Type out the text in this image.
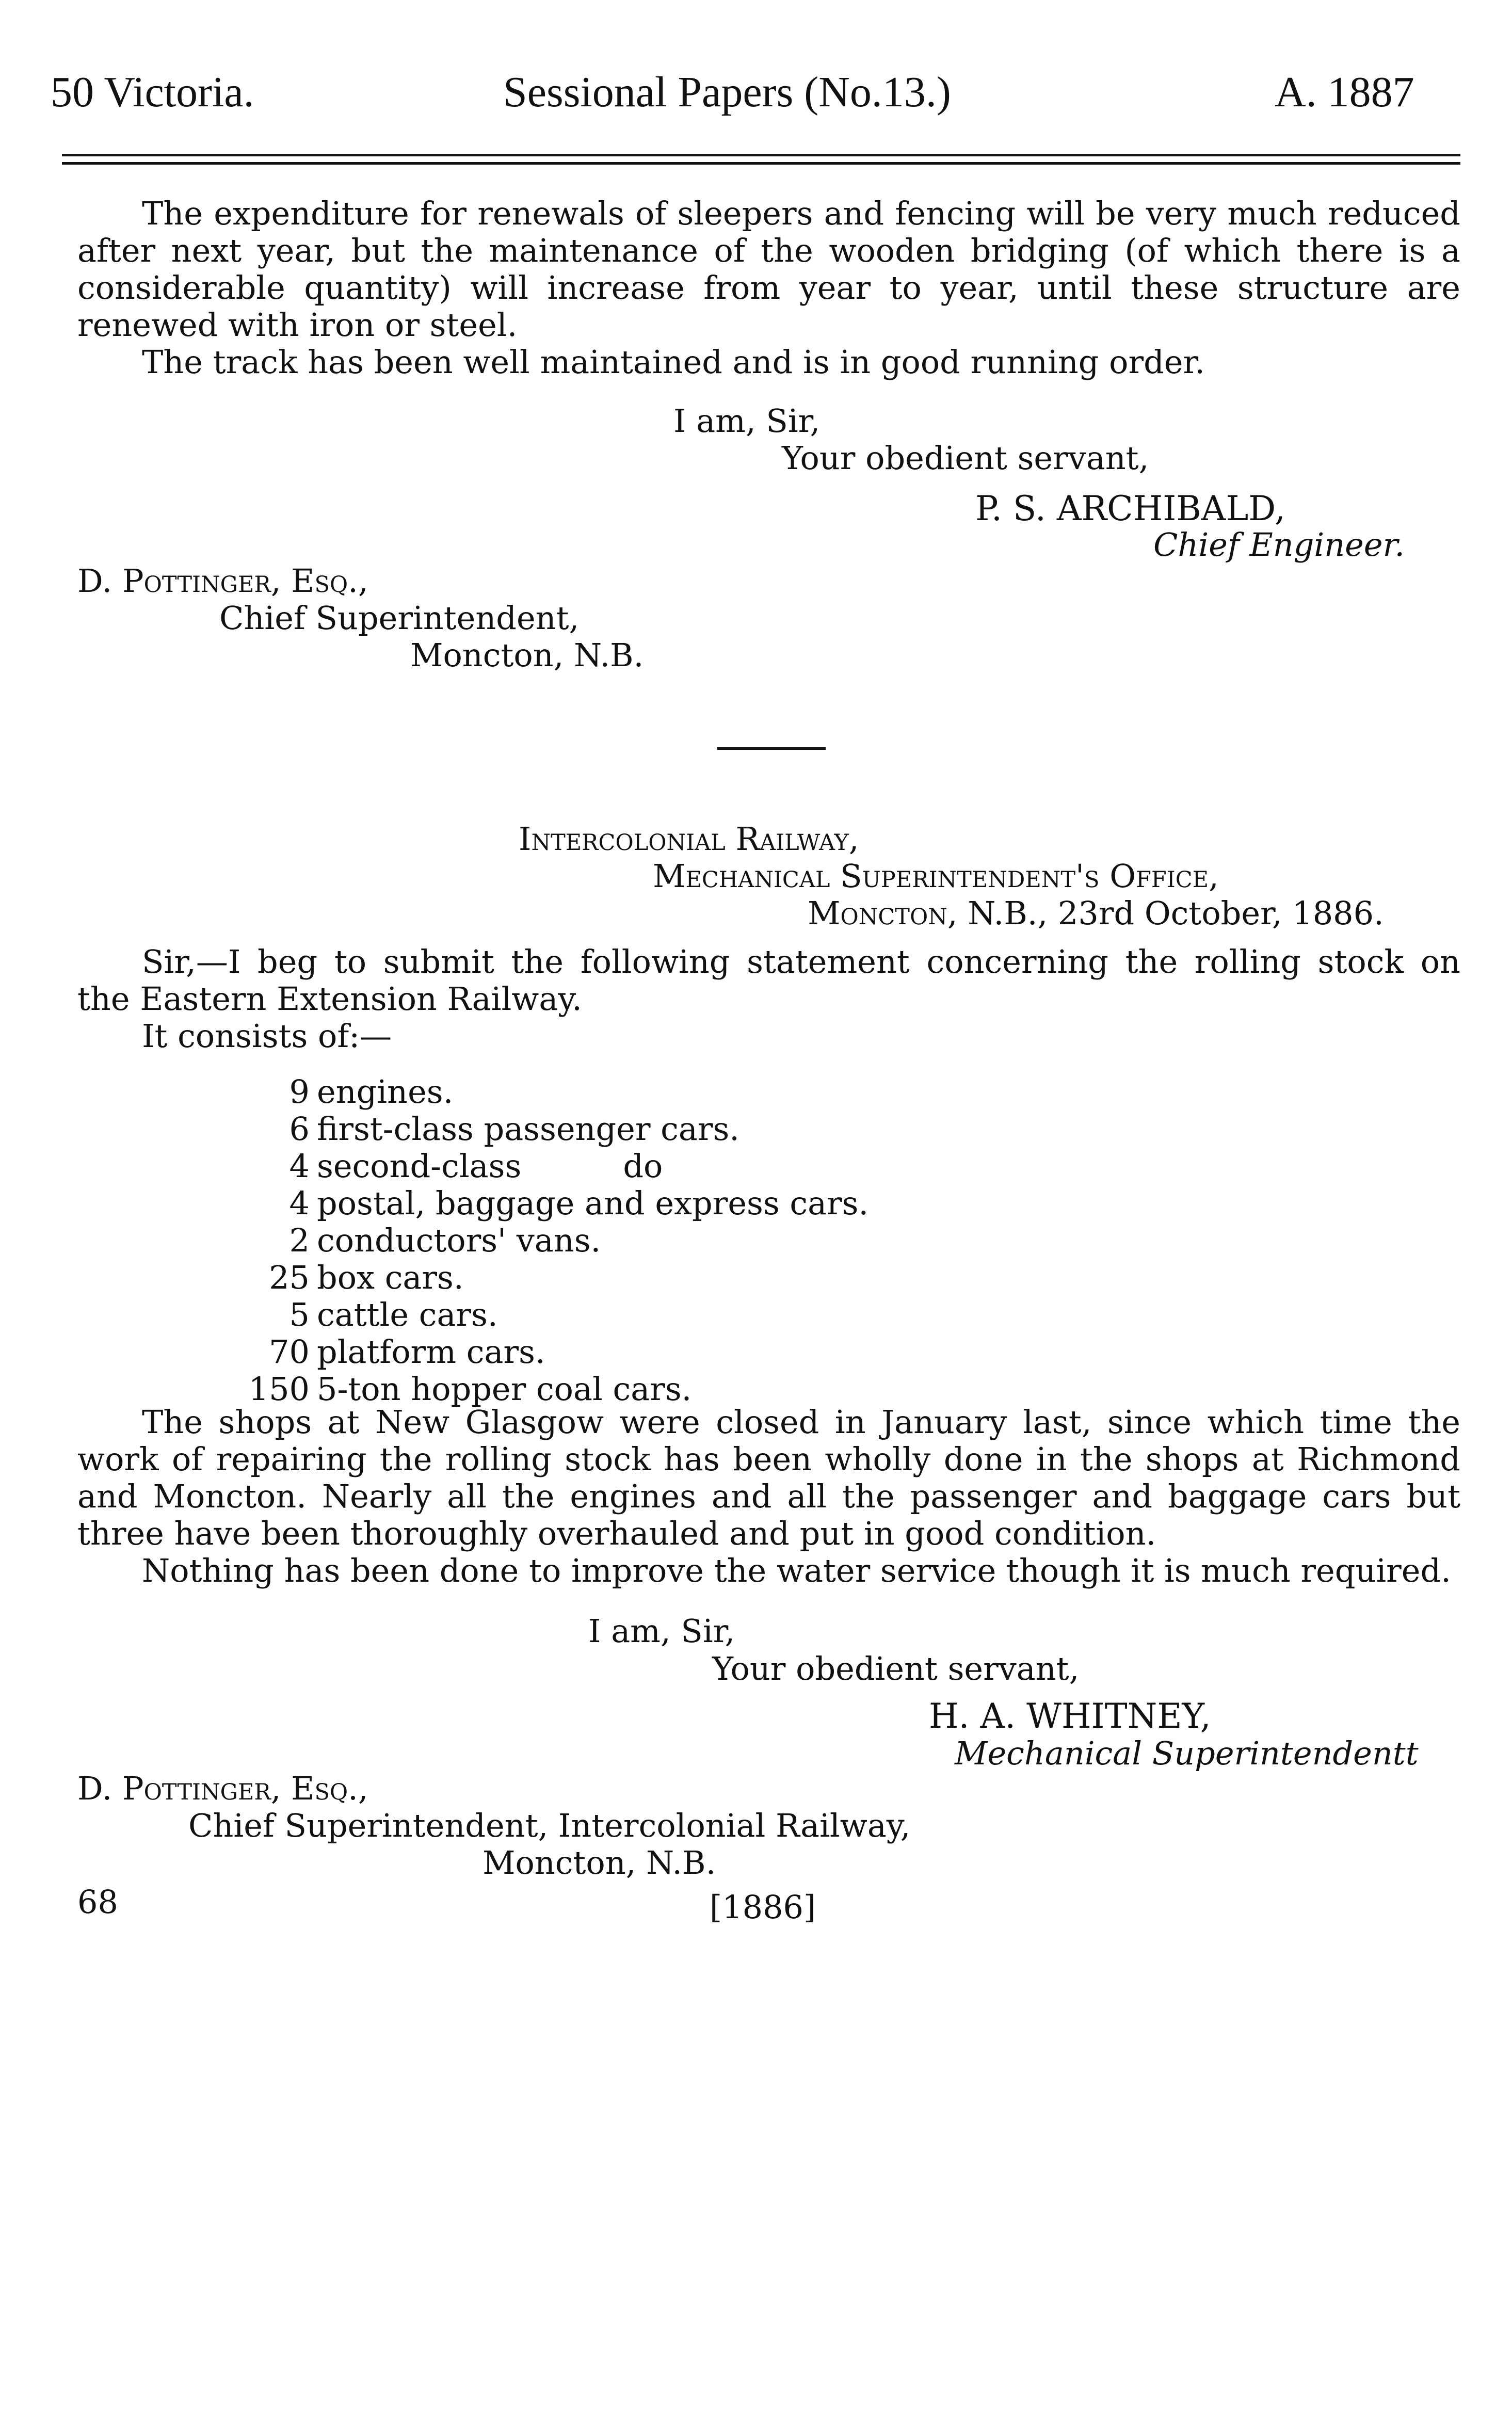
50 Victoria.	Sessional Papers (No.13.)	A. 1887
The expenditure for renewals of sleepers and fencing will be very much reduced
after next year, but the maintenance of the wooden bridging (of which there is a
considerable quantity) will increase from year to year, until these structure are
renewed with iron or steel.
The track has been well maintained and is in good running order.
I am, Sir,
Your obedient servant,
P. S. ARCHIBALD,
Chief Engineer.
D. Pottinger, Esq.,
Chief Superintendent,
Moncton, N.B.
Intercolonial Railway,
Mechanical Superintendent's Office,
Moncton, N.B., 23rd October, 1886.
Sir,—I beg to submit the following statement concerning the rolling stock on
the Eastern Extension Railway.
It consists of:—
9 engines.
6 first-class passenger cars.
4 second-class          do
4 postal, baggage and express cars.
2 conductors' vans.
25 box cars.
5 cattle cars.
70 platform cars.
150 5-ton hopper coal cars.
The shops at New Glasgow were closed in January last, since which time the
work of repairing the rolling stock has been wholly done in the shops at Richmond
and Moncton. Nearly all the engines and all the passenger and baggage cars but
three have been thoroughly overhauled and put in good condition.
Nothing has been done to improve the water service though it is much required.
I am, Sir,
Your obedient servant,
H. A. WHITNEY,
Mechanical Superintendentt
D. Pottinger, Esq.,
Chief Superintendent, Intercolonial Railway,
Moncton, N.B.
68	[1886]
